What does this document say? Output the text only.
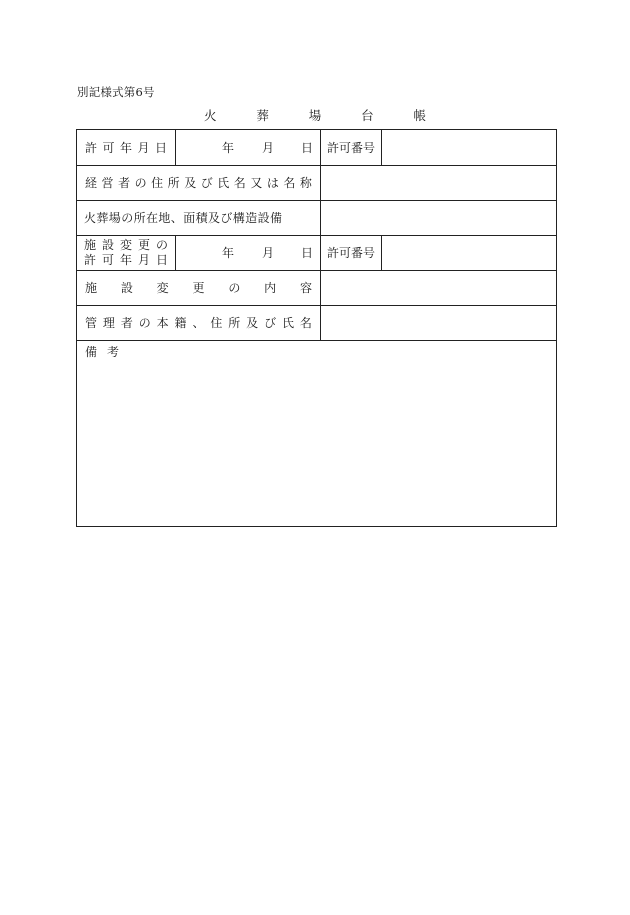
別記様式第6号
火	葬	場	台	帳
許 可 年 月 日	年 月 日	許可番号
経 営 者 の 住 所 及 び 氏 名 又 は 名 称
火葬場の所在地、面積及び構造設備
施 設 変 更 の
許 可 年 月 日	年 月 日	許可番号
施 設 変 更 の 内 容
管 理 者 の 本 籍 、 住 所 及 び 氏 名
備 考
